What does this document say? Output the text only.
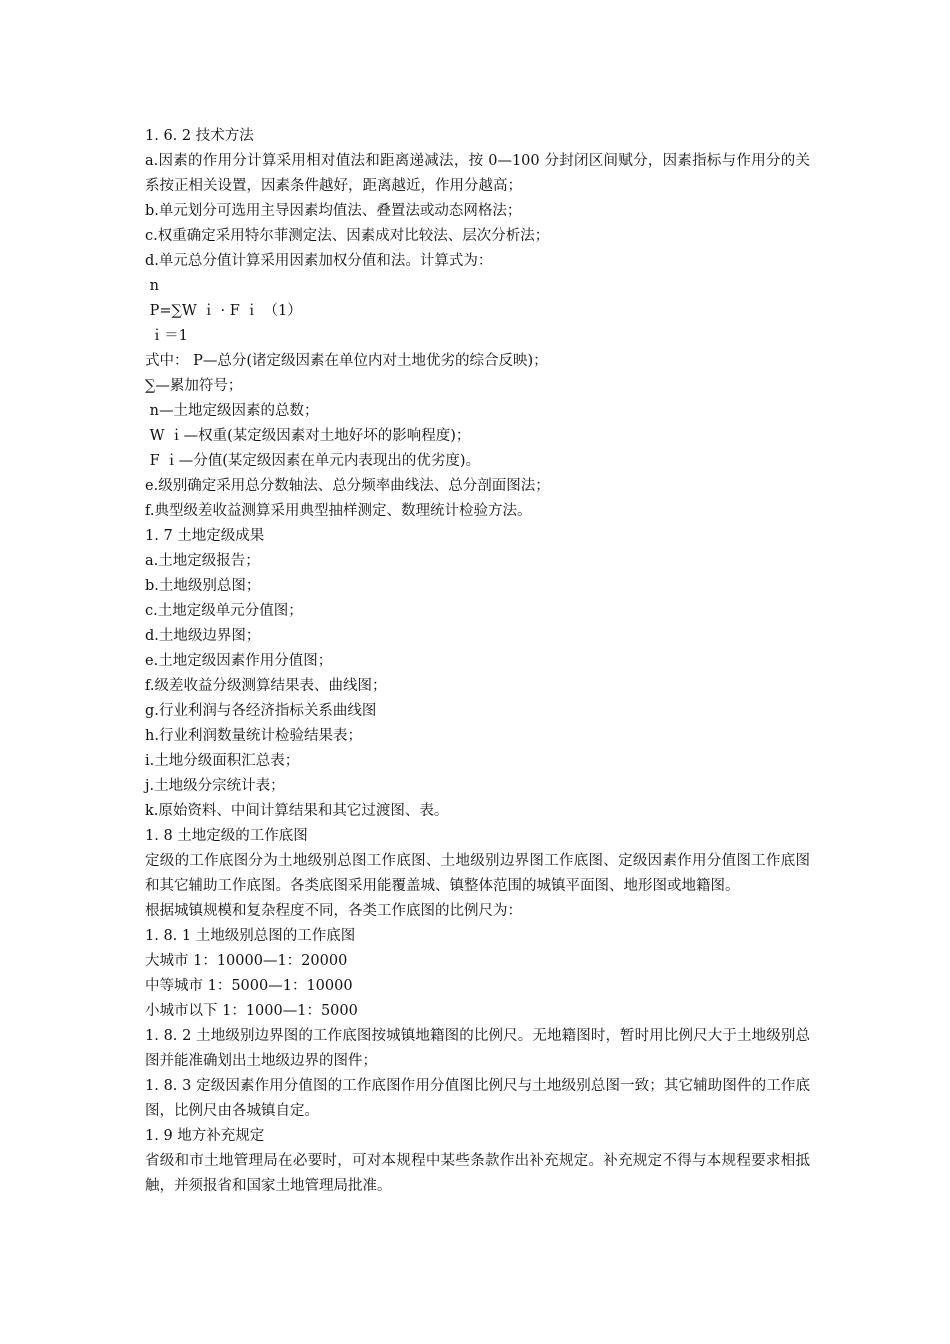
1. 6. 2 技术方法

a.因素的作用分计算采用相对值法和距离递减法，按 0—100 分封闭区间赋分，因素指标与作用分的关系按正相关设置，因素条件越好，距离越近，作用分越高；

b.单元划分可选用主导因素均值法、叠置法或动态网格法；

c.权重确定采用特尔菲测定法、因素成对比较法、层次分析法；

d.单元总分值计算采用因素加权分值和法。计算式为：

n

P=∑W ｉ · F ｉ （1）

ｉ＝1

式中： P—总分(诸定级因素在单位内对土地优劣的综合反映)；

∑—累加符号；

n—土地定级因素的总数；

W ｉ—权重(某定级因素对土地好坏的影响程度)；

F ｉ—分值(某定级因素在单元内表现出的优劣度)。

e.级别确定采用总分数轴法、总分频率曲线法、总分剖面图法；

f.典型级差收益测算采用典型抽样测定、数理统计检验方法。

1. 7 土地定级成果

a.土地定级报告；

b.土地级别总图；

c.土地定级单元分值图；

d.土地级边界图；

e.土地定级因素作用分值图；

f.级差收益分级测算结果表、曲线图；

g.行业利润与各经济指标关系曲线图

h.行业利润数量统计检验结果表；

i.土地分级面积汇总表；

j.土地级分宗统计表；

k.原始资料、中间计算结果和其它过渡图、表。

1. 8 土地定级的工作底图

定级的工作底图分为土地级别总图工作底图、土地级别边界图工作底图、定级因素作用分值图工作底图和其它辅助工作底图。各类底图采用能覆盖城、镇整体范围的城镇平面图、地形图或地籍图。

根据城镇规模和复杂程度不同，各类工作底图的比例尺为：

1. 8. 1 土地级别总图的工作底图

大城市 1：10000—1：20000

中等城市 1：5000—1：10000

小城市以下 1：1000—1：5000

1. 8. 2 土地级别边界图的工作底图按城镇地籍图的比例尺。无地籍图时，暂时用比例尺大于土地级别总图并能准确划出土地级边界的图件；

1. 8. 3 定级因素作用分值图的工作底图作用分值图比例尺与土地级别总图一致；其它辅助图件的工作底图，比例尺由各城镇自定。

1. 9 地方补充规定

省级和市土地管理局在必要时，可对本规程中某些条款作出补充规定。补充规定不得与本规程要求相抵触，并须报省和国家土地管理局批准。
